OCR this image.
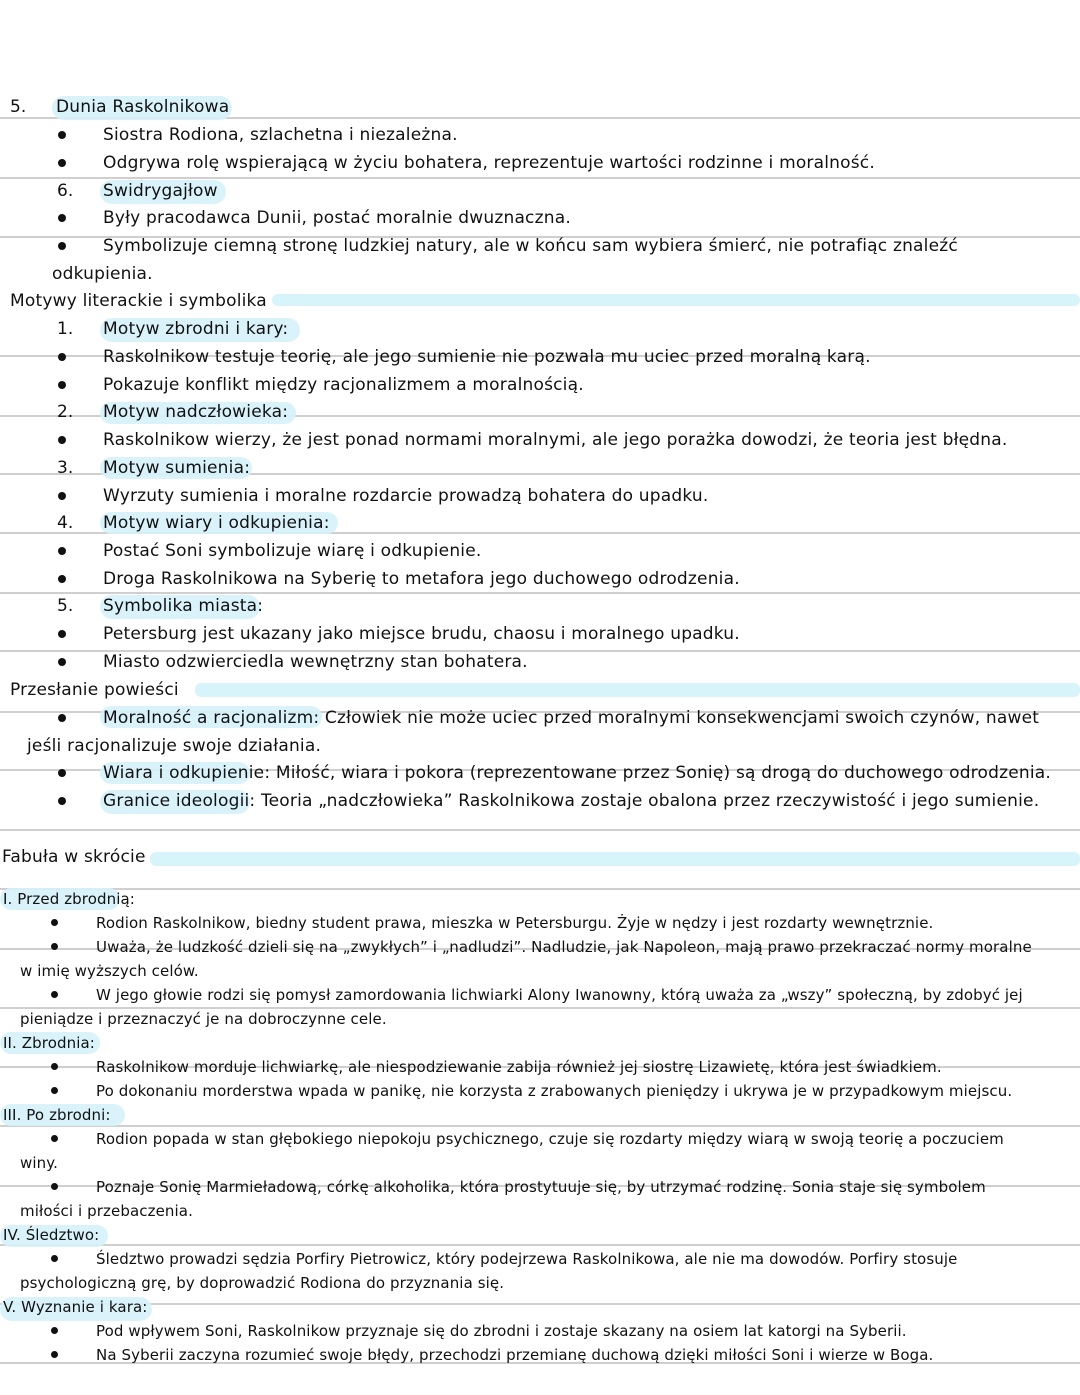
5. Dunia Raskolnikowa
Siostra Rodiona, szlachetna i niezależna.
Odgrywa rolę wspierającą w życiu bohatera, reprezentuje wartości rodzinne i moralność.
6. Swidrygajłow
Były pracodawca Dunii, postać moralnie dwuznaczna.
Symbolizuje ciemną stronę ludzkiej natury, ale w końcu sam wybiera śmierć, nie potrafiąc znaleźć
odkupienia.
Motywy literackie i symbolika
1. Motyw zbrodni i kary:
Raskolnikow testuje teorię, ale jego sumienie nie pozwala mu uciec przed moralną karą.
Pokazuje konflikt między racjonalizmem a moralnością.
2. Motyw nadczłowieka:
Raskolnikow wierzy, że jest ponad normami moralnymi, ale jego porażka dowodzi, że teoria jest błędna.
3. Motyw sumienia:
Wyrzuty sumienia i moralne rozdarcie prowadzą bohatera do upadku.
4. Motyw wiary i odkupienia:
Postać Soni symbolizuje wiarę i odkupienie.
Droga Raskolnikowa na Syberię to metafora jego duchowego odrodzenia.
5. Symbolika miasta:
Petersburg jest ukazany jako miejsce brudu, chaosu i moralnego upadku.
Miasto odzwierciedla wewnętrzny stan bohatera.
Przesłanie powieści
Moralność a racjonalizm: Człowiek nie może uciec przed moralnymi konsekwencjami swoich czynów, nawet
jeśli racjonalizuje swoje działania.
Wiara i odkupienie: Miłość, wiara i pokora (reprezentowane przez Sonię) są drogą do duchowego odrodzenia.
Granice ideologii: Teoria „nadczłowieka” Raskolnikowa zostaje obalona przez rzeczywistość i jego sumienie.
Fabuła w skrócie
I. Przed zbrodnią:
Rodion Raskolnikow, biedny student prawa, mieszka w Petersburgu. Żyje w nędzy i jest rozdarty wewnętrznie.
Uważa, że ludzkość dzieli się na „zwykłych” i „nadludzi”. Nadludzie, jak Napoleon, mają prawo przekraczać normy moralne
w imię wyższych celów.
W jego głowie rodzi się pomysł zamordowania lichwiarki Alony Iwanowny, którą uważa za „wszy” społeczną, by zdobyć jej
pieniądze i przeznaczyć je na dobroczynne cele.
II. Zbrodnia:
Raskolnikow morduje lichwiarkę, ale niespodziewanie zabija również jej siostrę Lizawietę, która jest świadkiem.
Po dokonaniu morderstwa wpada w panikę, nie korzysta z zrabowanych pieniędzy i ukrywa je w przypadkowym miejscu.
III. Po zbrodni:
Rodion popada w stan głębokiego niepokoju psychicznego, czuje się rozdarty między wiarą w swoją teorię a poczuciem
winy.
Poznaje Sonię Marmieładową, córkę alkoholika, która prostytuuje się, by utrzymać rodzinę. Sonia staje się symbolem
miłości i przebaczenia.
IV. Śledztwo:
Śledztwo prowadzi sędzia Porfiry Pietrowicz, który podejrzewa Raskolnikowa, ale nie ma dowodów. Porfiry stosuje
psychologiczną grę, by doprowadzić Rodiona do przyznania się.
V. Wyznanie i kara:
Pod wpływem Soni, Raskolnikow przyznaje się do zbrodni i zostaje skazany na osiem lat katorgi na Syberii.
Na Syberii zaczyna rozumieć swoje błędy, przechodzi przemianę duchową dzięki miłości Soni i wierze w Boga.
